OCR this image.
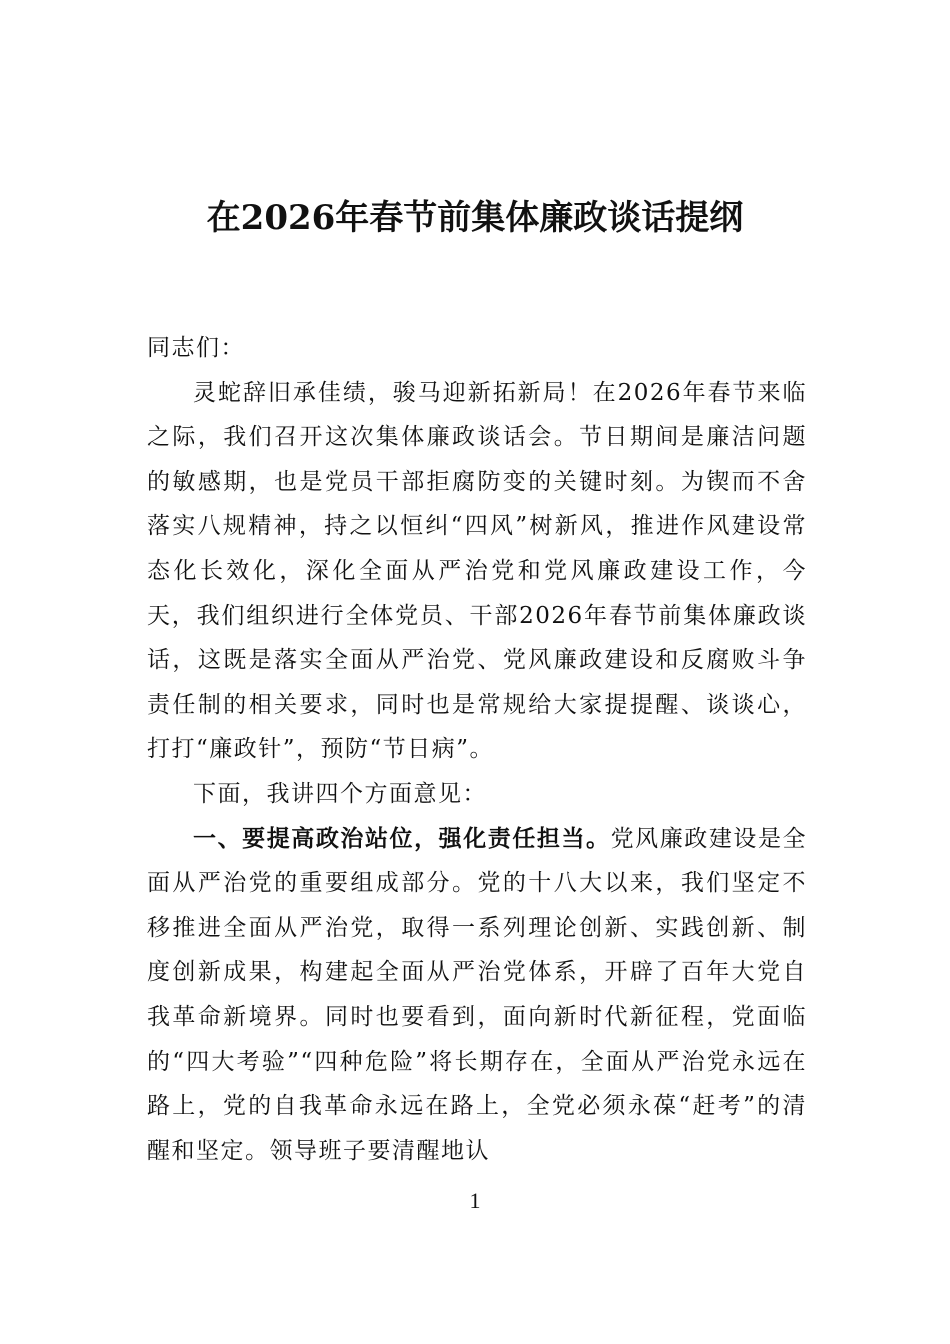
在2026年春节前集体廉政谈话提纲

同志们：

灵蛇辞旧承佳绩，骏马迎新拓新局！在2026年春节来临之际，我们召开这次集体廉政谈话会。节日期间是廉洁问题的敏感期，也是党员干部拒腐防变的关键时刻。为锲而不舍落实八规精神，持之以恒纠“四风”树新风，推进作风建设常态化长效化，深化全面从严治党和党风廉政建设工作，今天，我们组织进行全体党员、干部2026年春节前集体廉政谈话，这既是落实全面从严治党、党风廉政建设和反腐败斗争责任制的相关要求，同时也是常规给大家提提醒、谈谈心，打打“廉政针”，预防“节日病”。

下面，我讲四个方面意见：

一、要提高政治站位，强化责任担当。党风廉政建设是全面从严治党的重要组成部分。党的十八大以来，我们坚定不移推进全面从严治党，取得一系列理论创新、实践创新、制度创新成果，构建起全面从严治党体系，开辟了百年大党自我革命新境界。同时也要看到，面向新时代新征程，党面临的“四大考验”“四种危险”将长期存在，全面从严治党永远在路上，党的自我革命永远在路上，全党必须永葆“赶考”的清醒和坚定。领导班子要清醒地认

1
